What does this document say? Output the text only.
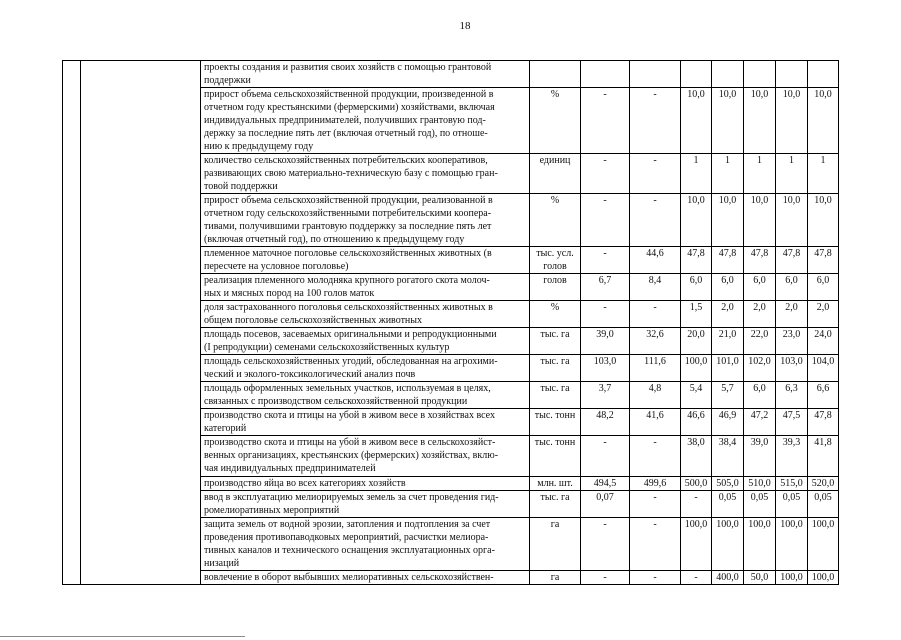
18
		проекты создания и развития своих хозяйств с помощью грантовой
поддержки								
		прирост объема сельскохозяйственной продукции, произведенной в
отчетном году крестьянскими (фермерскими) хозяйствами, включая
индивидуальных предпринимателей, получивших грантовую под-
держку за последние пять лет (включая отчетный год), по отноше-
нию к предыдущему году	%	-	-	10,0	10,0	10,0	10,0	10,0
		количество сельскохозяйственных потребительских кооперативов,
развивающих свою материально-техническую базу с помощью гран-
товой поддержки	единиц	-	-	1	1	1	1	1
		прирост объема сельскохозяйственной продукции, реализованной в
отчетном году сельскохозяйственными потребительскими коопера-
тивами, получившими грантовую поддержку за последние пять лет
(включая отчетный год), по отношению к предыдущему году	%	-	-	10,0	10,0	10,0	10,0	10,0
		племенное маточное поголовье сельскохозяйственных животных (в
пересчете на условное поголовье)	тыс. усл.
голов	-	44,6	47,8	47,8	47,8	47,8	47,8
		реализация племенного молодняка крупного рогатого скота молоч-
ных и мясных пород на 100 голов маток	голов	6,7	8,4	6,0	6,0	6,0	6,0	6,0
		доля застрахованного поголовья сельскохозяйственных животных в
общем поголовье сельскохозяйственных животных	%	-	-	1,5	2,0	2,0	2,0	2,0
		площадь посевов, засеваемых оригинальными и репродукционными
(I репродукции) семенами сельскохозяйственных культур	тыс. га	39,0	32,6	20,0	21,0	22,0	23,0	24,0
		площадь сельскохозяйственных угодий, обследованная на агрохими-
ческий и эколого-токсикологический анализ почв	тыс. га	103,0	111,6	100,0	101,0	102,0	103,0	104,0
		площадь оформленных земельных участков, используемая в целях,
связанных с производством сельскохозяйственной продукции	тыс. га	3,7	4,8	5,4	5,7	6,0	6,3	6,6
		производство скота и птицы на убой в живом весе в хозяйствах всех
категорий	тыс. тонн	48,2	41,6	46,6	46,9	47,2	47,5	47,8
		производство скота и птицы на убой в живом весе в сельскохозяйст-
венных организациях, крестьянских (фермерских) хозяйствах, вклю-
чая индивидуальных предпринимателей	тыс. тонн	-	-	38,0	38,4	39,0	39,3	41,8
		производство яйца во всех категориях хозяйств	млн. шт.	494,5	499,6	500,0	505,0	510,0	515,0	520,0
		ввод в эксплуатацию мелиорируемых земель за счет проведения гид-
ромелиоративных мероприятий	тыс. га	0,07	-	-	0,05	0,05	0,05	0,05
		защита земель от водной эрозии, затопления и подтопления за счет
проведения противопаводковых мероприятий, расчистки мелиора-
тивных каналов и технического оснащения эксплуатационных орга-
низаций	га	-	-	100,0	100,0	100,0	100,0	100,0
		вовлечение в оборот выбывших мелиоративных сельскохозяйствен-	га	-	-	-	400,0	50,0	100,0	100,0
